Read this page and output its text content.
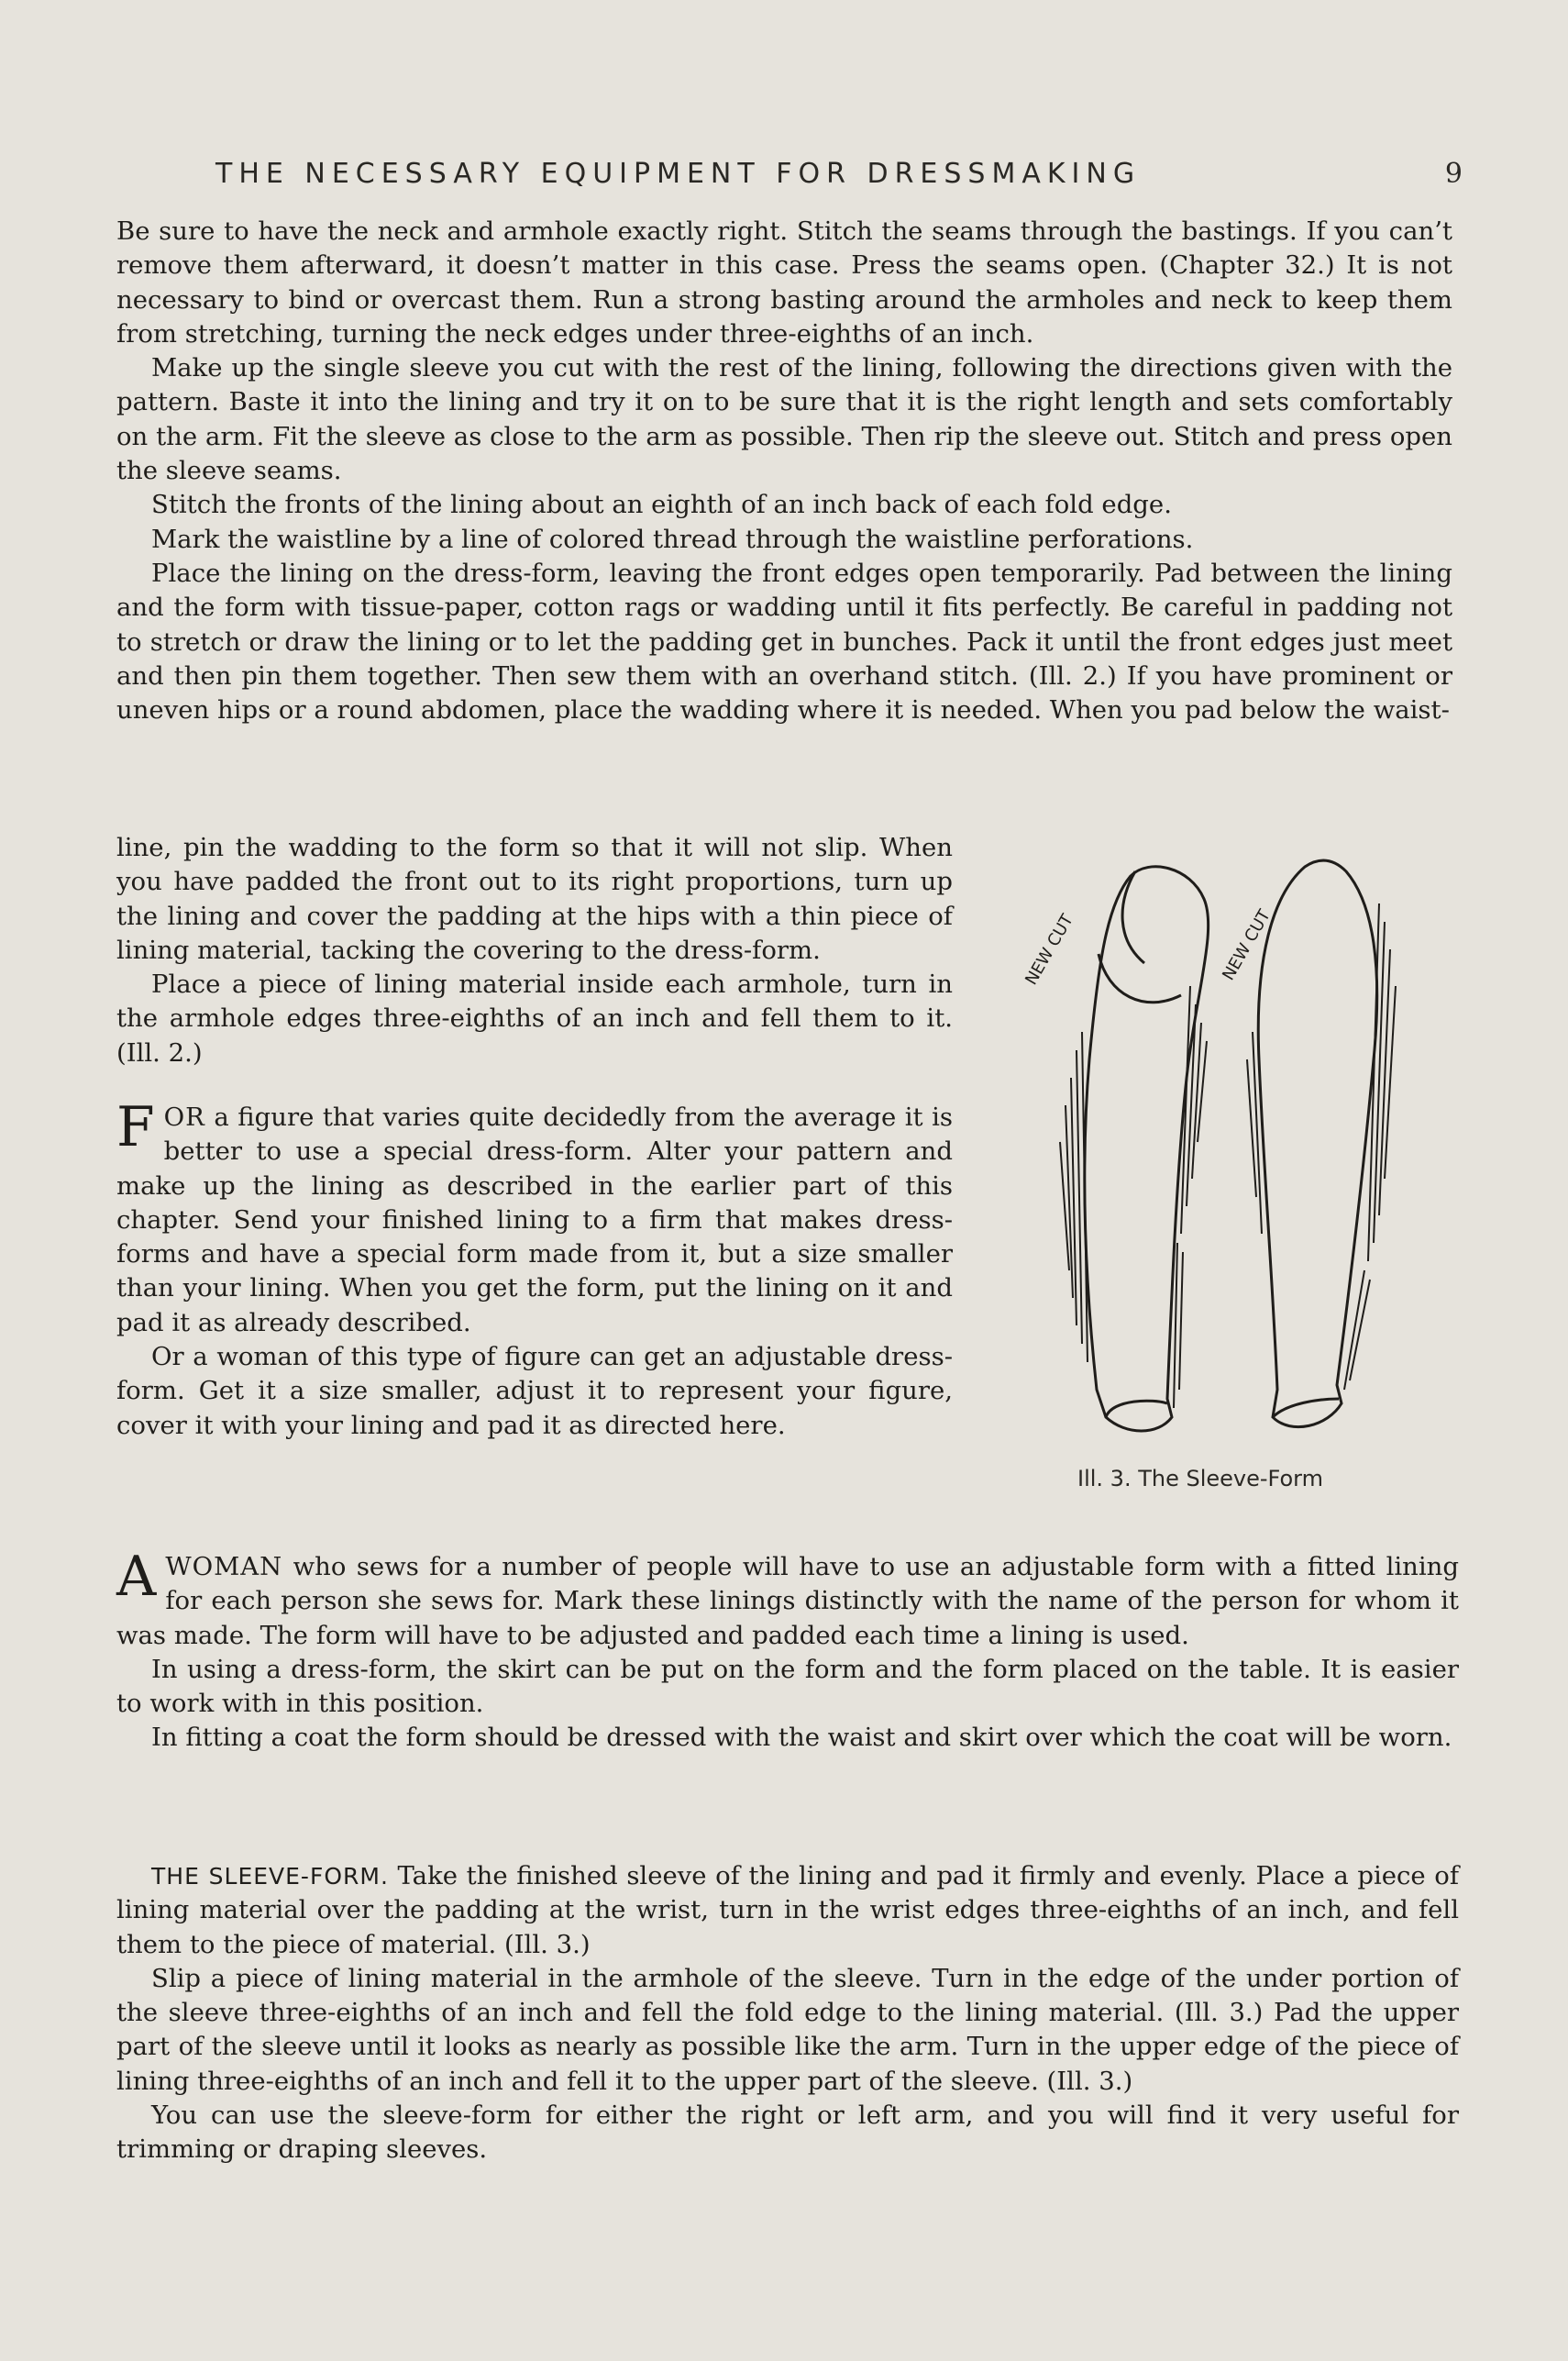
THE NECESSARY EQUIPMENT FOR DRESSMAKING	9

Be sure to have the neck and armhole exactly right. Stitch the seams through the bastings. If you can’t remove them afterward, it doesn’t matter in this case. Press the seams open. (Chapter 32.) It is not necessary to bind or overcast them. Run a strong basting around the armholes and neck to keep them from stretching, turning the neck edges under three-eighths of an inch.

Make up the single sleeve you cut with the rest of the lining, following the directions given with the pattern. Baste it into the lining and try it on to be sure that it is the right length and sets comfortably on the arm. Fit the sleeve as close to the arm as possible. Then rip the sleeve out. Stitch and press open the sleeve seams.

Stitch the fronts of the lining about an eighth of an inch back of each fold edge.

Mark the waistline by a line of colored thread through the waistline perforations.

Place the lining on the dress-form, leaving the front edges open temporarily. Pad between the lining and the form with tissue-paper, cotton rags or wadding until it fits perfectly. Be careful in padding not to stretch or draw the lining or to let the padding get in bunches. Pack it until the front edges just meet and then pin them together. Then sew them with an overhand stitch. (Ill. 2.) If you have prominent or uneven hips or a round abdomen, place the wadding where it is needed. When you pad below the waist-

line, pin the wadding to the form so that it will not slip. When you have padded the front out to its right proportions, turn up the lining and cover the padding at the hips with a thin piece of lining material, tacking the covering to the dress-form.

Place a piece of lining material inside each armhole, turn in the armhole edges three-eighths of an inch and fell them to it. (Ill. 2.)

FOR a figure that varies quite decidedly from the average it is better to use a special dress-form. Alter your pattern and make up the lining as described in the earlier part of this chapter. Send your finished lining to a firm that makes dress-forms and have a special form made from it, but a size smaller than your lining. When you get the form, put the lining on it and pad it as already described.

Or a woman of this type of figure can get an adjustable dress-form. Get it a size smaller, adjust it to represent your figure, cover it with your lining and pad it as directed here.

NEW CUT	NEW CUT
Ill. 3. The Sleeve-Form

AWOMAN who sews for a number of people will have to use an adjustable form with a fitted lining for each person she sews for. Mark these linings distinctly with the name of the person for whom it was made. The form will have to be adjusted and padded each time a lining is used.

In using a dress-form, the skirt can be put on the form and the form placed on the table. It is easier to work with in this position.

In fitting a coat the form should be dressed with the waist and skirt over which the coat will be worn.

THE SLEEVE-FORM. Take the finished sleeve of the lining and pad it firmly and evenly. Place a piece of lining material over the padding at the wrist, turn in the wrist edges three-eighths of an inch, and fell them to the piece of material. (Ill. 3.)

Slip a piece of lining material in the armhole of the sleeve. Turn in the edge of the under portion of the sleeve three-eighths of an inch and fell the fold edge to the lining material. (Ill. 3.) Pad the upper part of the sleeve until it looks as nearly as possible like the arm. Turn in the upper edge of the piece of lining three-eighths of an inch and fell it to the upper part of the sleeve. (Ill. 3.)

You can use the sleeve-form for either the right or left arm, and you will find it very useful for trimming or draping sleeves.
